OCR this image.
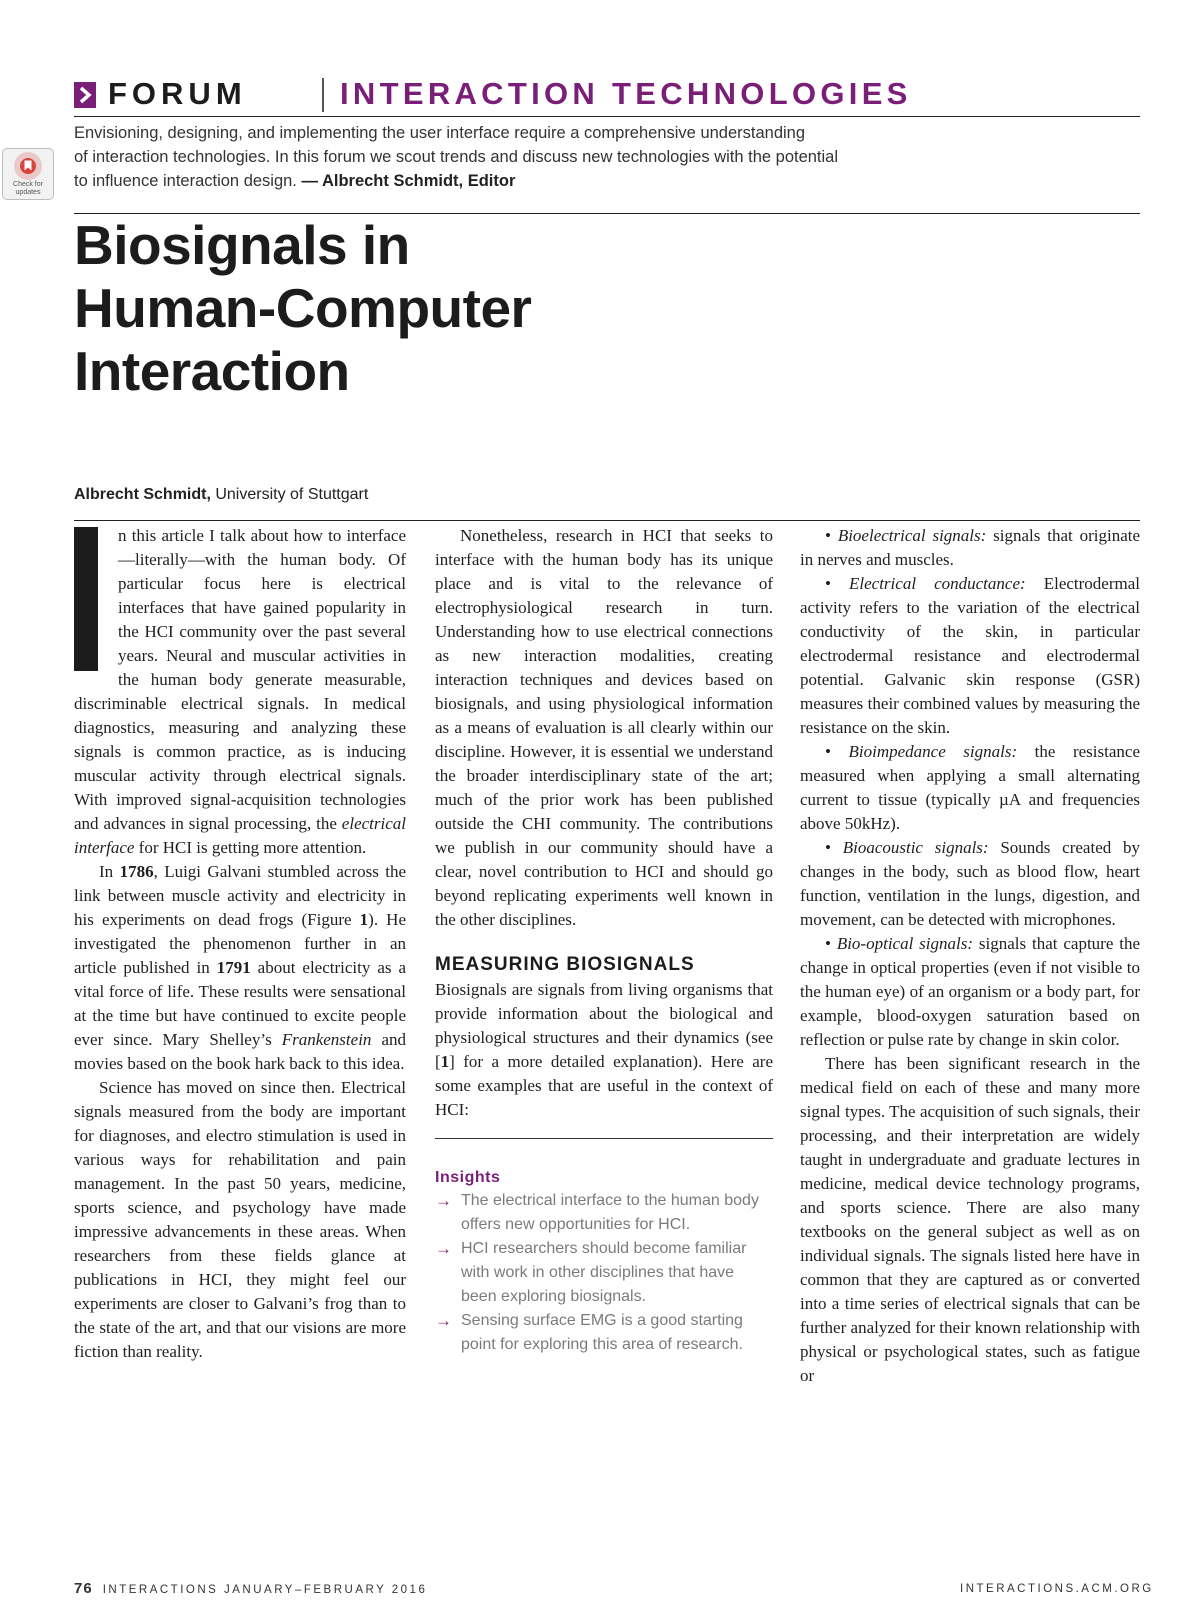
Check for updates
FORUM	INTERACTION TECHNOLOGIES

Envisioning, designing, and implementing the user interface require a comprehensive understanding

of interaction technologies. In this forum we scout trends and discuss new technologies with the potential

to influence interaction design. — Albrecht Schmidt, Editor

Biosignals in
Human-Computer
Interaction
Albrecht Schmidt, University of Stuttgart

n this article I talk about how to interface—literally—with the human body. Of particular focus here is electrical interfaces that have gained popularity in the HCI community over the past several years. Neural and muscular activities in the human body generate measurable, discriminable electrical signals. In medical diagnostics, measuring and analyzing these signals is common practice, as is inducing muscular activity through electrical signals. With improved signal-acquisition technologies and advances in signal processing, the electrical interface for HCI is getting more attention.

In 1786, Luigi Galvani stumbled across the link between muscle activity and electricity in his experiments on dead frogs (Figure 1). He investigated the phenomenon further in an article published in 1791 about electricity as a vital force of life. These results were sensational at the time but have continued to excite people ever since. Mary Shelley’s Frankenstein and movies based on the book hark back to this idea.

Science has moved on since then. Electrical signals measured from the body are important for diagnoses, and electro stimulation is used in various ways for rehabilitation and pain management. In the past 50 years, medicine, sports science, and psychology have made impressive advancements in these areas. When researchers from these fields glance at publications in HCI, they might feel our experiments are closer to Galvani’s frog than to the state of the art, and that our visions are more fiction than reality.

Nonetheless, research in HCI that seeks to interface with the human body has its unique place and is vital to the relevance of electrophysiological research in turn. Understanding how to use electrical connections as new interaction modalities, creating interaction techniques and devices based on biosignals, and using physiological information as a means of evaluation is all clearly within our discipline. However, it is essential we understand the broader interdisciplinary state of the art; much of the prior work has been published outside the CHI community. The contributions we publish in our community should have a clear, novel contribution to HCI and should go beyond replicating experiments well known in the other disciplines.

MEASURING BIOSIGNALS

Biosignals are signals from living organisms that provide information about the biological and physiological structures and their dynamics (see [1] for a more detailed explanation). Here are some examples that are useful in the context of HCI:

Insights
→ The electrical interface to the human body offers new opportunities for HCI.
→ HCI researchers should become familiar with work in other disciplines that have been exploring biosignals.
→ Sensing surface EMG is a good starting point for exploring this area of research.

• Bioelectrical signals: signals that originate in nerves and muscles.

• Electrical conductance: Electrodermal activity refers to the variation of the electrical conductivity of the skin, in particular electrodermal resistance and electrodermal potential. Galvanic skin response (GSR) measures their combined values by measuring the resistance on the skin.

• Bioimpedance signals: the resistance measured when applying a small alternating current to tissue (typically µA and frequencies above 50kHz).

• Bioacoustic signals: Sounds created by changes in the body, such as blood flow, heart function, ventilation in the lungs, digestion, and movement, can be detected with microphones.

• Bio-optical signals: signals that capture the change in optical properties (even if not visible to the human eye) of an organism or a body part, for example, blood-oxygen saturation based on reflection or pulse rate by change in skin color.

There has been significant research in the medical field on each of these and many more signal types. The acquisition of such signals, their processing, and their interpretation are widely taught in undergraduate and graduate lectures in medicine, medical device technology programs, and sports science. There are also many textbooks on the general subject as well as on individual signals. The signals listed here have in common that they are captured as or converted into a time series of electrical signals that can be further analyzed for their known relationship with physical or psychological states, such as fatigue or

76 INTERACTIONS JANUARY–FEBRUARY 2016	INTERACTIONS.ACM.ORG
